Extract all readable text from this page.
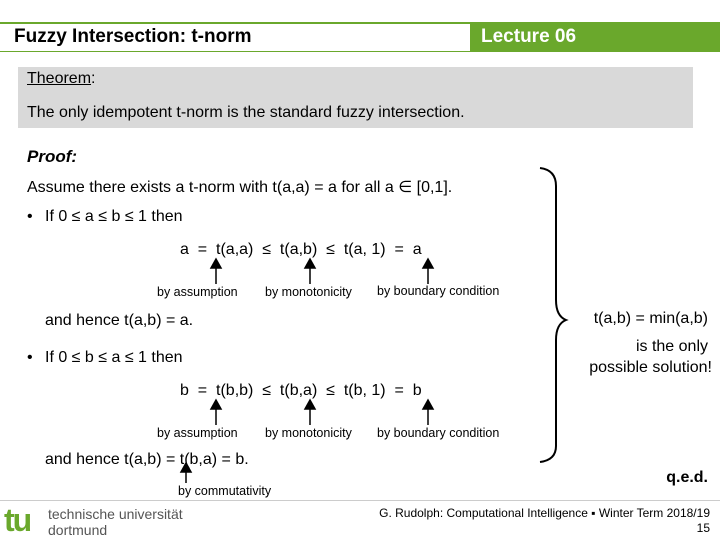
Fuzzy Intersection: t-norm	Lecture 06
Theorem:
The only idempotent t-norm is the standard fuzzy intersection.
Proof:
Assume there exists a t-norm with t(a,a) = a for all a ∈ [0,1].
• If 0 ≤ a ≤ b ≤ 1 then
a  =  t(a,a)  ≤  t(a,b)  ≤  t(a, 1)  =  a
by assumption by monotonicity by boundary condition
and hence t(a,b) = a.
• If 0 ≤ b ≤ a ≤ 1 then
b  =  t(b,b)  ≤  t(b,a)  ≤  t(b, 1)  =  b
by assumption by monotonicity by boundary condition
and hence t(a,b) = t(b,a) = b.
by commutativity
t(a,b) = min(a,b)
is the only
possible solution!
q.e.d.
tu technische universität
dortmund
G. Rudolph: Computational Intelligence ▪ Winter Term 2018/19
15
